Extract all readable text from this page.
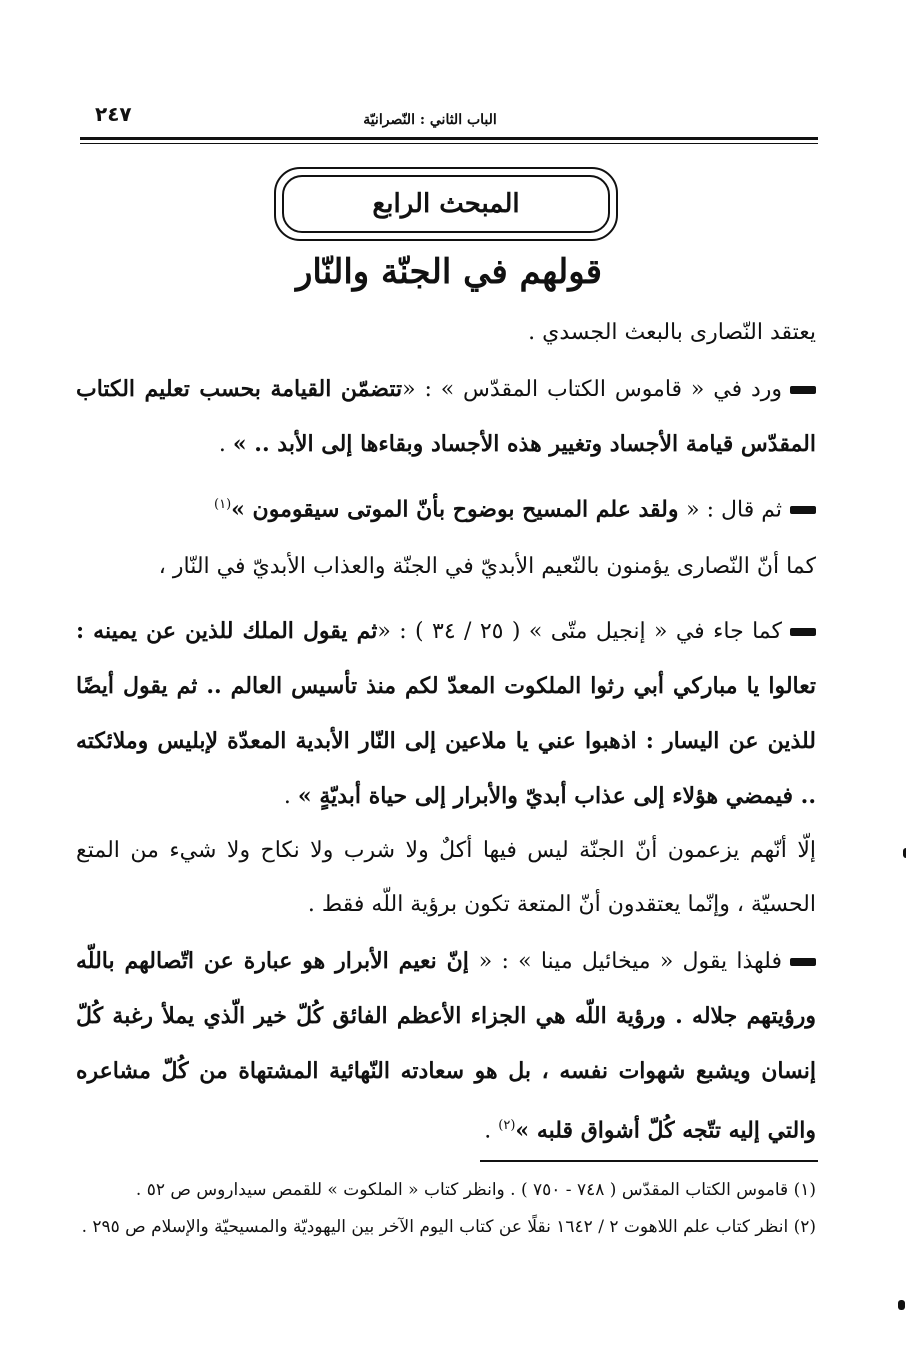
٢٤٧	الباب الثاني : النّصرانيّة
المبحث الرابع
قولهم في الجنّة والنّار
يعتقد النّصارى بالبعث الجسدي .
ورد في « قاموس الكتاب المقدّس » : «تتضمّن القيامة بحسب تعليم الكتاب المقدّس قيامة الأجساد وتغيير هذه الأجساد وبقاءها إلى الأبد .. » .
ثم قال : « ولقد علم المسيح بوضوح بأنّ الموتى سيقومون »$^{(١)}$
كما أنّ النّصارى يؤمنون بالنّعيم الأبديّ في الجنّة والعذاب الأبديّ في النّار ،
كما جاء في « إنجيل متّى » ( ٢٥ / ٣٤ ) : «ثم يقول الملك للذين عن يمينه : تعالوا يا مباركي أبي رثوا الملكوت المعدّ لكم منذ تأسيس العالم .. ثم يقول أيضًا للذين عن اليسار : اذهبوا عني يا ملاعين إلى النّار الأبدية المعدّة لإبليس وملائكته .. فيمضي هؤلاء إلى عذاب أبديّ والأبرار إلى حياة أبديّةٍ » .
إلّا أنّهم يزعمون أنّ الجنّة ليس فيها أكلٌ ولا شرب ولا نكاح ولا شيء من المتع الحسيّة ، وإنّما يعتقدون أنّ المتعة تكون برؤية اللّه فقط .
فلهذا يقول « ميخائيل مينا » : « إنّ نعيم الأبرار هو عبارة عن اتّصالهم باللّه ورؤيتهم جلاله . ورؤية اللّه هي الجزاء الأعظم الفائق كُلّ خير الّذي يملأ رغبة كُلّ إنسان ويشبع شهوات نفسه ، بل هو سعادته النّهائية المشتهاة من كُلّ مشاعره والتي إليه تتّجه كُلّ أشواق قلبه »$^{(٢)}$ .
(١) قاموس الكتاب المقدّس ( ٧٤٨ - ٧٥٠ ) . وانظر كتاب « الملكوت » للقمص سيداروس ص ٥٢ .
(٢) انظر كتاب علم اللاهوت ٢ / ١٦٤٢ نقلًا عن كتاب اليوم الآخر بين اليهوديّة والمسيحيّة والإسلام ص ٢٩٥ .
